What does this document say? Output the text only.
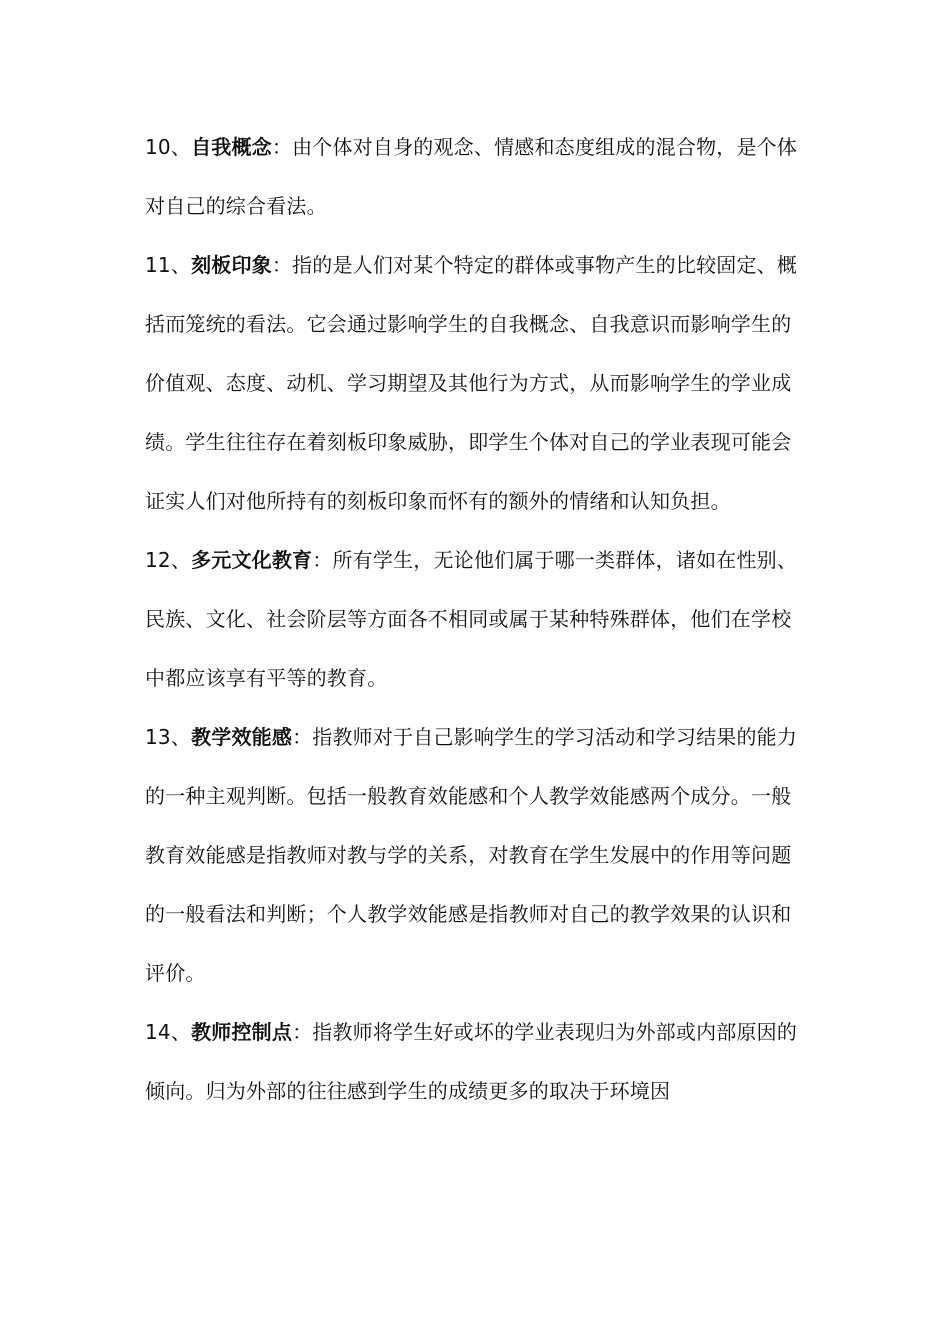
10、自我概念：由个体对自身的观念、情感和态度组成的混合物，是个体对自己的综合看法。

11、刻板印象：指的是人们对某个特定的群体或事物产生的比较固定、概括而笼统的看法。它会通过影响学生的自我概念、自我意识而影响学生的价值观、态度、动机、学习期望及其他行为方式，从而影响学生的学业成绩。学生往往存在着刻板印象威胁，即学生个体对自己的学业表现可能会证实人们对他所持有的刻板印象而怀有的额外的情绪和认知负担。

12、多元文化教育：所有学生，无论他们属于哪一类群体，诸如在性别、民族、文化、社会阶层等方面各不相同或属于某种特殊群体，他们在学校中都应该享有平等的教育。

13、教学效能感：指教师对于自己影响学生的学习活动和学习结果的能力的一种主观判断。包括一般教育效能感和个人教学效能感两个成分。一般教育效能感是指教师对教与学的关系，对教育在学生发展中的作用等问题的一般看法和判断；个人教学效能感是指教师对自己的教学效果的认识和评价。

14、教师控制点：指教师将学生好或坏的学业表现归为外部或内部原因的倾向。归为外部的往往感到学生的成绩更多的取决于环境因
